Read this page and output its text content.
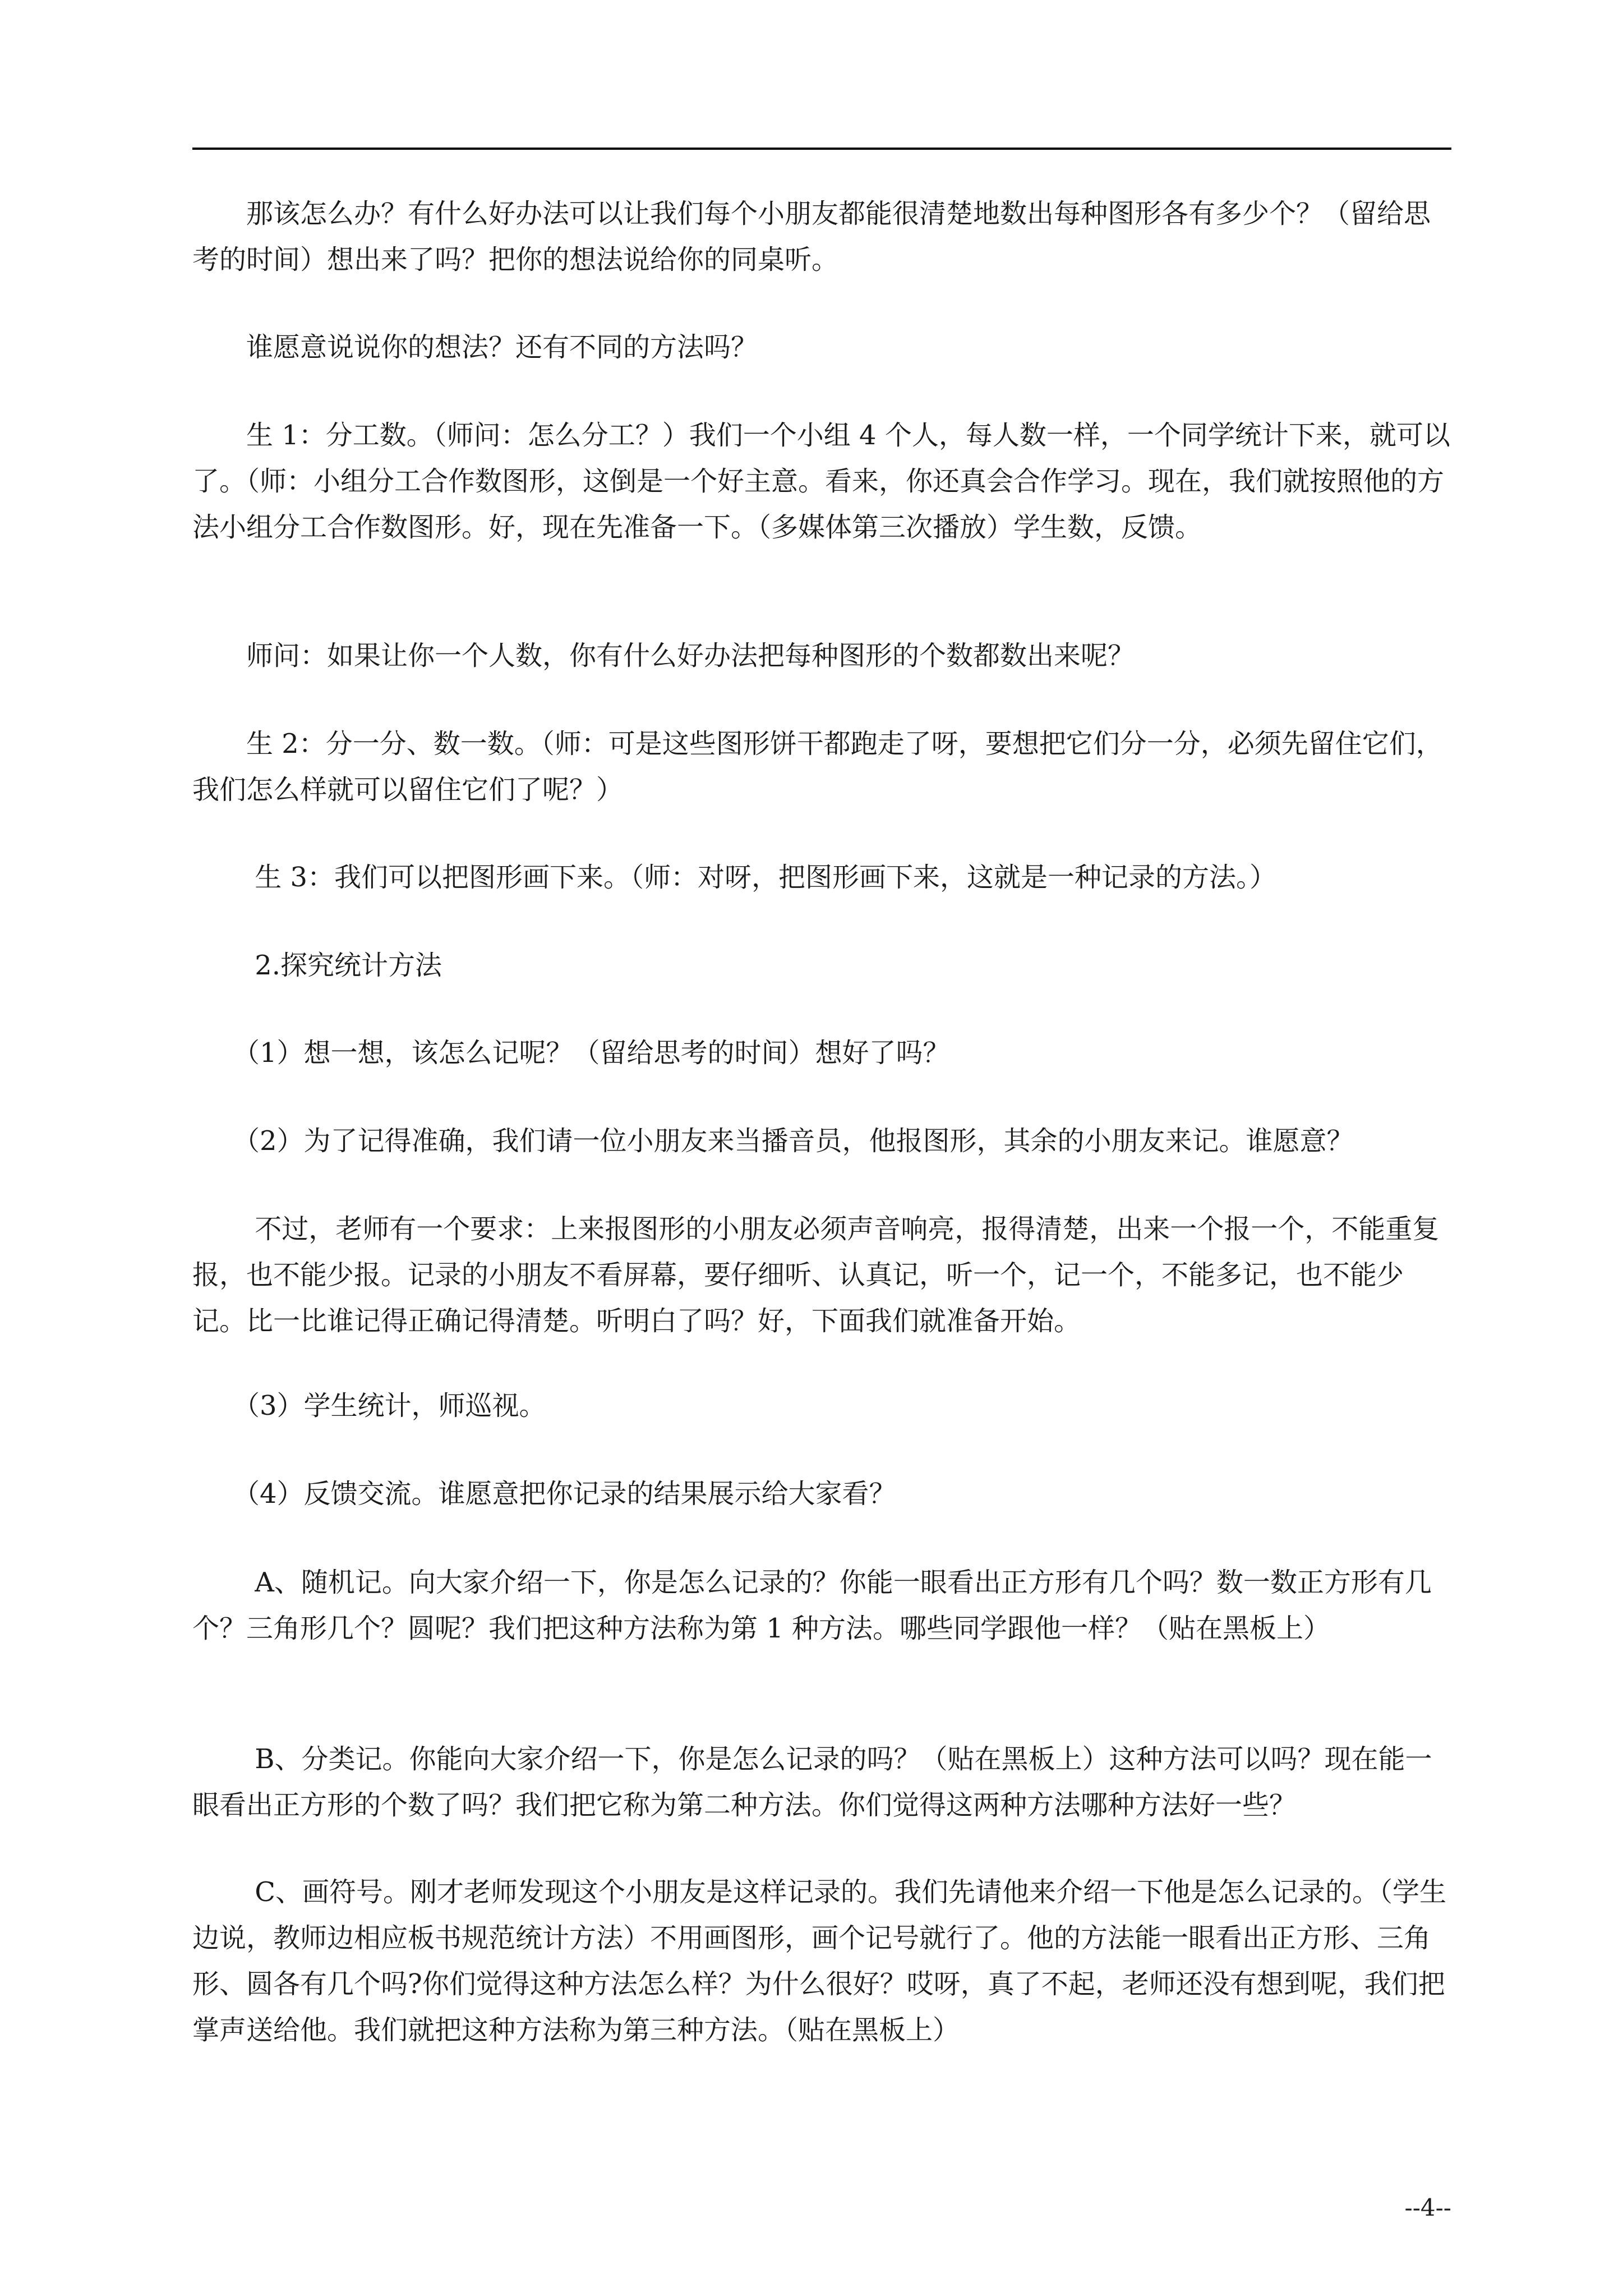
　　那该怎么办？有什么好办法可以让我们每个小朋友都能很清楚地数出每种图形各有多少个？（留给思考的时间）想出来了吗？把你的想法说给你的同桌听。

　　谁愿意说说你的想法？还有不同的方法吗？

　　生 1：分工数。（师问：怎么分工？）我们一个小组 4 个人，每人数一样，一个同学统计下来，就可以了。（师：小组分工合作数图形，这倒是一个好主意。看来，你还真会合作学习。现在，我们就按照他的方法小组分工合作数图形。好，现在先准备一下。（多媒体第三次播放）学生数，反馈。

　　师问：如果让你一个人数，你有什么好办法把每种图形的个数都数出来呢？

　　生 2：分一分、数一数。（师：可是这些图形饼干都跑走了呀，要想把它们分一分，必须先留住它们，我们怎么样就可以留住它们了呢？）

　　 生 3：我们可以把图形画下来。（师：对呀，把图形画下来，这就是一种记录的方法。）

　　 2.探究统计方法

　　（1）想一想，该怎么记呢？（留给思考的时间）想好了吗？

　　（2）为了记得准确，我们请一位小朋友来当播音员，他报图形，其余的小朋友来记。谁愿意？

　　 不过，老师有一个要求：上来报图形的小朋友必须声音响亮，报得清楚，出来一个报一个，不能重复报，也不能少报。记录的小朋友不看屏幕，要仔细听、认真记，听一个，记一个，不能多记，也不能少记。比一比谁记得正确记得清楚。听明白了吗？好，下面我们就准备开始。

　　（3）学生统计，师巡视。

　　（4）反馈交流。谁愿意把你记录的结果展示给大家看？

　　 A、随机记。向大家介绍一下，你是怎么记录的？你能一眼看出正方形有几个吗？数一数正方形有几个？三角形几个？圆呢？我们把这种方法称为第 1 种方法。哪些同学跟他一样？（贴在黑板上）

　　 B、分类记。你能向大家介绍一下，你是怎么记录的吗？（贴在黑板上）这种方法可以吗？现在能一眼看出正方形的个数了吗？我们把它称为第二种方法。你们觉得这两种方法哪种方法好一些？

　　 C、画符号。刚才老师发现这个小朋友是这样记录的。我们先请他来介绍一下他是怎么记录的。（学生边说，教师边相应板书规范统计方法）不用画图形，画个记号就行了。他的方法能一眼看出正方形、三角形、圆各有几个吗?你们觉得这种方法怎么样？为什么很好？哎呀，真了不起，老师还没有想到呢，我们把掌声送给他。我们就把这种方法称为第三种方法。（贴在黑板上）

--4--
